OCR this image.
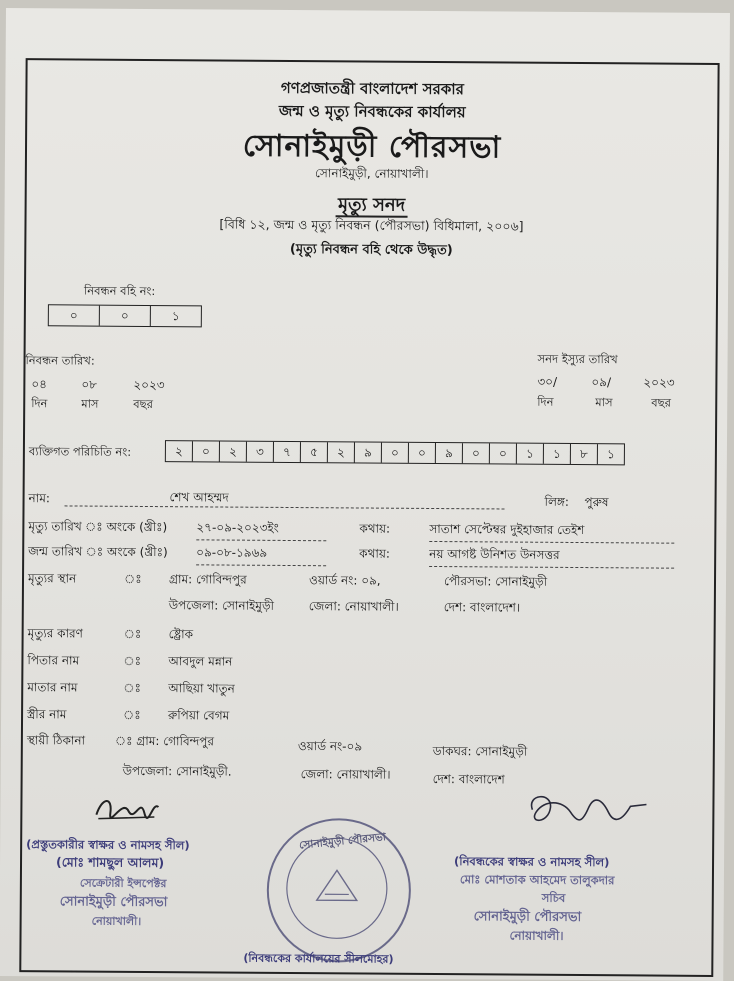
গণপ্রজাতন্ত্রী বাংলাদেশ সরকার
জন্ম ও মৃত্যু নিবন্ধকের কার্যালয়
সোনাইমুড়ী পৌরসভা
সোনাইমুড়ী, নোয়াখালী।
মৃত্যু সনদ
[বিধি ১২, জন্ম ও মৃত্যু নিবন্ধন (পৌরসভা) বিধিমালা, ২০০৬]
(মৃত্যু নিবন্ধন বহি থেকে উদ্ধৃত)
নিবন্ধন বহি নং:
০	০	১
নিবন্ধন তারিখ:
০৪	০৮	২০২৩
দিন	মাস	বছর
সনদ ইস্যুর তারিখ
৩০/	০৯/	২০২৩
দিন	মাস	বছর
ব্যক্তিগত পরিচিতি নং:	২	০	২	৩	৭	৫	২	৯	০	০	৯	০	০	১	১	৮	১
নাম:	শেখ আহম্মদ	লিঙ্গ: পুরুষ
মৃত্যু তারিখ ঃ অংকে (খ্রীঃ) ২৭-০৯-২০২৩ইং	কথায়:	সাতাশ সেপ্টেম্বর দুইহাজার তেইশ
জন্ম তারিখ ঃ অংকে (খ্রীঃ) ০৯-০৮-১৯৬৯	কথায়:	নয় আগষ্ট উনিশত উনসত্তর
মৃত্যুর স্থান	ঃ গ্রাম: গোবিন্দপুর	ওয়ার্ড নং: ০৯,	পৌরসভা: সোনাইমুড়ী
উপজেলা: সোনাইমুড়ী	জেলা: নোয়াখালী।	দেশ: বাংলাদেশ।
মৃত্যুর কারণ	ঃ ষ্ট্রোক
পিতার নাম	ঃ আবদুল মন্নান
মাতার নাম	ঃ আছিয়া খাতুন
স্ত্রীর নাম	ঃ রুপিয়া বেগম
স্থায়ী ঠিকানা ঃ গ্রাম: গোবিন্দপুর	ওয়ার্ড নং-০৯	ডাকঘর: সোনাইমুড়ী
উপজেলা: সোনাইমুড়ী.	জেলা: নোয়াখালী।	দেশ: বাংলাদেশ
(প্রস্তুতকারীর স্বাক্ষর ও নামসহ সীল)
(মোঃ শামছুল আলম)
সেক্রেটারী ইন্সপেক্টর
সোনাইমুড়ী পৌরসভা
নোয়াখালী।
সোনাইমুড়ী পৌরসভা
(নিবন্ধকের স্বাক্ষর ও নামসহ সীল)
মোঃ মোশতাক আহমেদ তালুকদার
সচিব
সোনাইমুড়ী পৌরসভা
নোয়াখালী।
(নিবন্ধকের কার্যালয়ের সীলমোহর)
